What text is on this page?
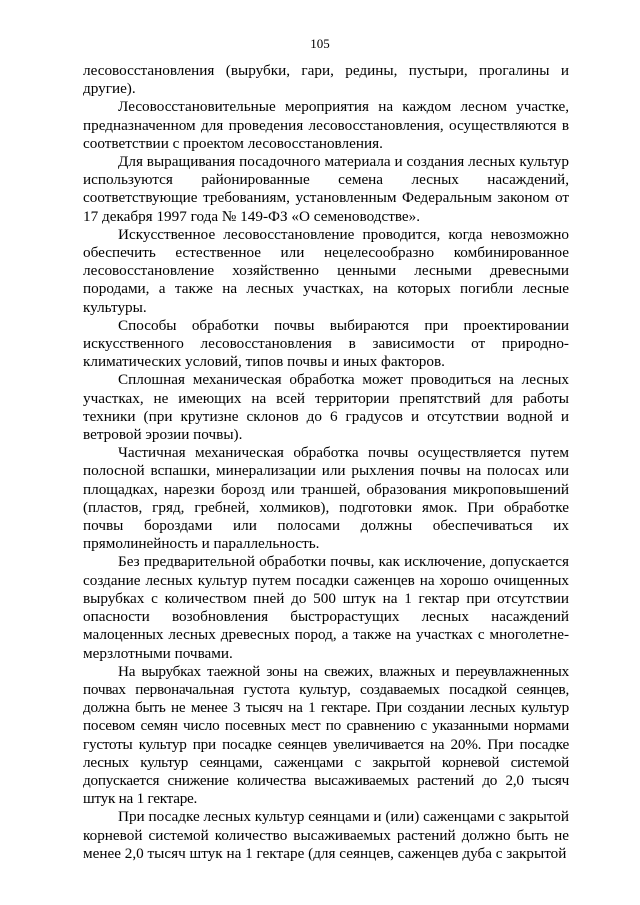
105

лесовосстановления (вырубки, гари, редины, пустыри, прогалины и другие).

Лесовосстановительные мероприятия на каждом лесном участке, предназначенном для проведения лесовосстановления, осуществляются в соответствии с проектом лесовосстановления.

Для выращивания посадочного материала и создания лесных культур используются районированные семена лесных насаждений, соответствующие требованиям, установленным Федеральным законом от 17 декабря 1997 года № 149-ФЗ «О семеноводстве».

Искусственное лесовосстановление проводится, когда невозможно обеспечить естественное или нецелесообразно комбинированное лесовосстановление хозяйственно ценными лесными древесными породами, а также на лесных участках, на которых погибли лесные культуры.

Способы обработки почвы выбираются при проектировании искусственного лесовосстановления в зависимости от природно-климатических условий, типов почвы и иных факторов.

Сплошная механическая обработка может проводиться на лесных участках, не имеющих на всей территории препятствий для работы техники (при крутизне склонов до 6 градусов и отсутствии водной и ветровой эрозии почвы).

Частичная механическая обработка почвы осуществляется путем полосной вспашки, минерализации или рыхления почвы на полосах или площадках, нарезки борозд или траншей, образования микроповышений (пластов, гряд, гребней, холмиков), подготовки ямок. При обработке почвы бороздами или полосами должны обеспечиваться их прямолинейность и параллельность.

Без предварительной обработки почвы, как исключение, допускается создание лесных культур путем посадки саженцев на хорошо очищенных вырубках с количеством пней до 500 штук на 1 гектар при отсутствии опасности возобновления быстрорастущих лесных насаждений малоценных лесных древесных пород, а также на участках с многолетне-мерзлотными почвами.

На вырубках таежной зоны на свежих, влажных и переувлажненных почвах первоначальная густота культур, создаваемых посадкой сеянцев, должна быть не менее 3 тысяч на 1 гектаре. При создании лесных культур посевом семян число посевных мест по сравнению с указанными нормами густоты культур при посадке сеянцев увеличивается на 20%. При посадке лесных культур сеянцами, саженцами с закрытой корневой системой допускается снижение количества высаживаемых растений до 2,0 тысяч штук на 1 гектаре.

При посадке лесных культур сеянцами и (или) саженцами с закрытой корневой системой количество высаживаемых растений должно быть не менее 2,0 тысяч штук на 1 гектаре (для сеянцев, саженцев дуба с закрытой
